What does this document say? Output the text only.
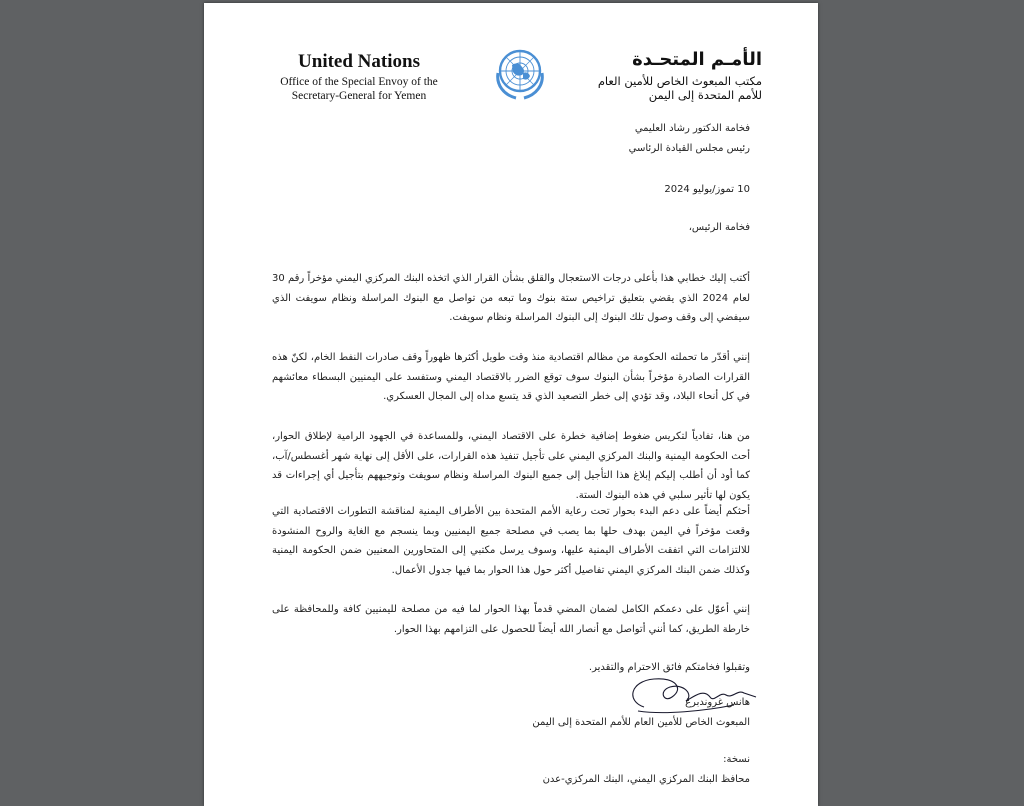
United Nations
Office of the Special Envoy of the
Secretary-General for Yemen
الأمـم المتحـدة
مكتب المبعوث الخاص للأمين العام
للأمم المتحدة إلى اليمن
فخامة الدكتور رشاد العليمي
رئيس مجلس القيادة الرئاسي
10 تموز/يوليو 2024
فخامة الرئيس،
أكتب إليك خطابي هذا بأعلى درجات الاستعجال والقلق بشأن القرار الذي اتخذه البنك المركزي اليمني مؤخراً رقم 30 لعام 2024 الذي يقضي بتعليق تراخيص ستة بنوك وما تبعه من تواصل مع البنوك المراسلة ونظام سويفت الذي سيفضي إلى وقف وصول تلك البنوك إلى البنوك المراسلة ونظام سويفت.
إنني أقدّر ما تحملته الحكومة من مظالم اقتصادية منذ وقت طويل أكثرها ظهوراً وقف صادرات النفط الخام، لكنّ هذه القرارات الصادرة مؤخراً بشأن البنوك سوف توقع الضرر بالاقتصاد اليمني وستفسد على اليمنيين البسطاء معائشهم في كل أنحاء البلاد، وقد تؤدي إلى خطر التصعيد الذي قد يتسع مداه إلى المجال العسكري.
من هنا، تفادياً لتكريس ضغوط إضافية خطرة على الاقتصاد اليمني، وللمساعدة في الجهود الرامية لإطلاق الحوار، أحث الحكومة اليمنية والبنك المركزي اليمني على تأجيل تنفيذ هذه القرارات، على الأقل إلى نهاية شهر أغسطس/آب، كما أود أن أطلب إليكم إبلاغ هذا التأجيل إلى جميع البنوك المراسلة ونظام سويفت وتوجيههم بتأجيل أي إجراءات قد يكون لها تأثير سلبي في هذه البنوك الستة.
أحثكم أيضاً على دعم البدء بحوار تحت رعاية الأمم المتحدة بين الأطراف اليمنية لمناقشة التطورات الاقتصادية التي وقعت مؤخراً في اليمن بهدف حلها بما يصب في مصلحة جميع اليمنيين وبما ينسجم مع الغاية والروح المنشودة للالتزامات التي اتفقت الأطراف اليمنية عليها، وسوف يرسل مكتبي إلى المتحاورين المعنيين ضمن الحكومة اليمنية وكذلك ضمن البنك المركزي اليمني تفاصيل أكثر حول هذا الحوار بما فيها جدول الأعمال.
إنني أعوّل على دعمكم الكامل لضمان المضي قدماً بهذا الحوار لما فيه من مصلحة لليمنيين كافة وللمحافظة على خارطة الطريق، كما أنني أتواصل مع أنصار الله أيضاً للحصول على التزامهم بهذا الحوار.
وتقبلوا فخامتكم فائق الاحترام والتقدير.
هانس غروندبرغ
المبعوث الخاص للأمين العام للأمم المتحدة إلى اليمن
نسخة:
محافظ البنك المركزي اليمني، البنك المركزي-عدن
